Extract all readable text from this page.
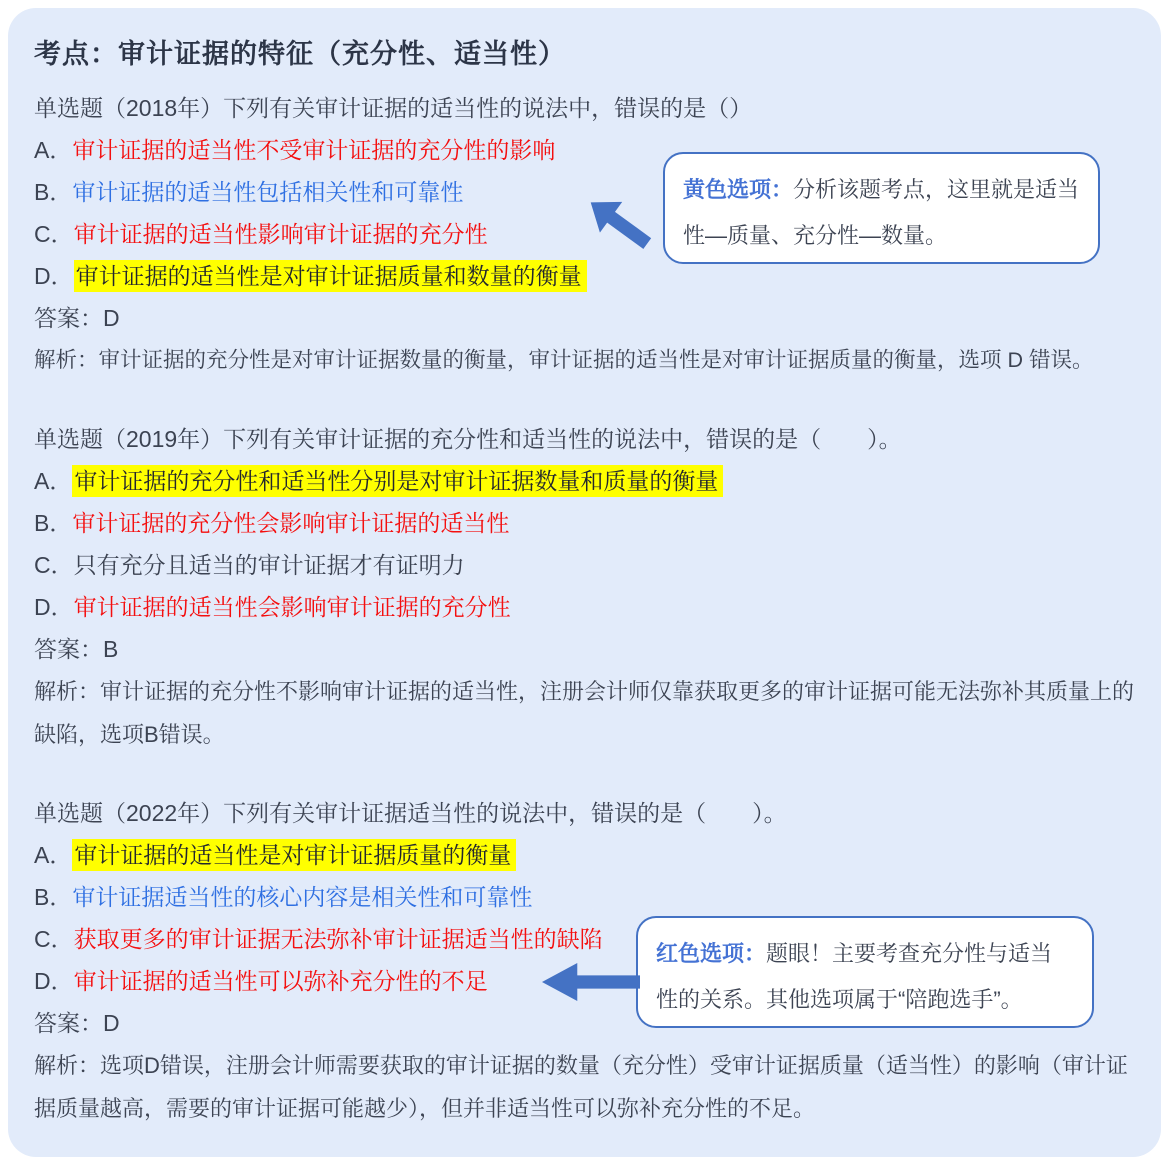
考点：审计证据的特征（充分性、适当性）

单选题（2018年）下列有关审计证据的适当性的说法中，错误的是（）

A．审计证据的适当性不受审计证据的充分性的影响

B．审计证据的适当性包括相关性和可靠性

C．审计证据的适当性影响审计证据的充分性

D．审计证据的适当性是对审计证据质量和数量的衡量

答案：D

解析：审计证据的充分性是对审计证据数量的衡量，审计证据的适当性是对审计证据质量的衡量，选项 D 错误。

单选题（2019年）下列有关审计证据的充分性和适当性的说法中，错误的是（　　）。

A．审计证据的充分性和适当性分别是对审计证据数量和质量的衡量

B．审计证据的充分性会影响审计证据的适当性

C．只有充分且适当的审计证据才有证明力

D．审计证据的适当性会影响审计证据的充分性

答案：B

解析：审计证据的充分性不影响审计证据的适当性，注册会计师仅靠获取更多的审计证据可能无法弥补其质量上的缺陷，选项B错误。

单选题（2022年）下列有关审计证据适当性的说法中，错误的是（　　）。

A．审计证据的适当性是对审计证据质量的衡量

B．审计证据适当性的核心内容是相关性和可靠性

C．获取更多的审计证据无法弥补审计证据适当性的缺陷

D．审计证据的适当性可以弥补充分性的不足

答案：D

解析：选项D错误，注册会计师需要获取的审计证据的数量（充分性）受审计证据质量（适当性）的影响（审计证据质量越高，需要的审计证据可能越少），但并非适当性可以弥补充分性的不足。

黄色选项：分析该题考点，这里就是适当性—质量、充分性—数量。

红色选项：题眼！主要考查充分性与适当性的关系。其他选项属于“陪跑选手”。
